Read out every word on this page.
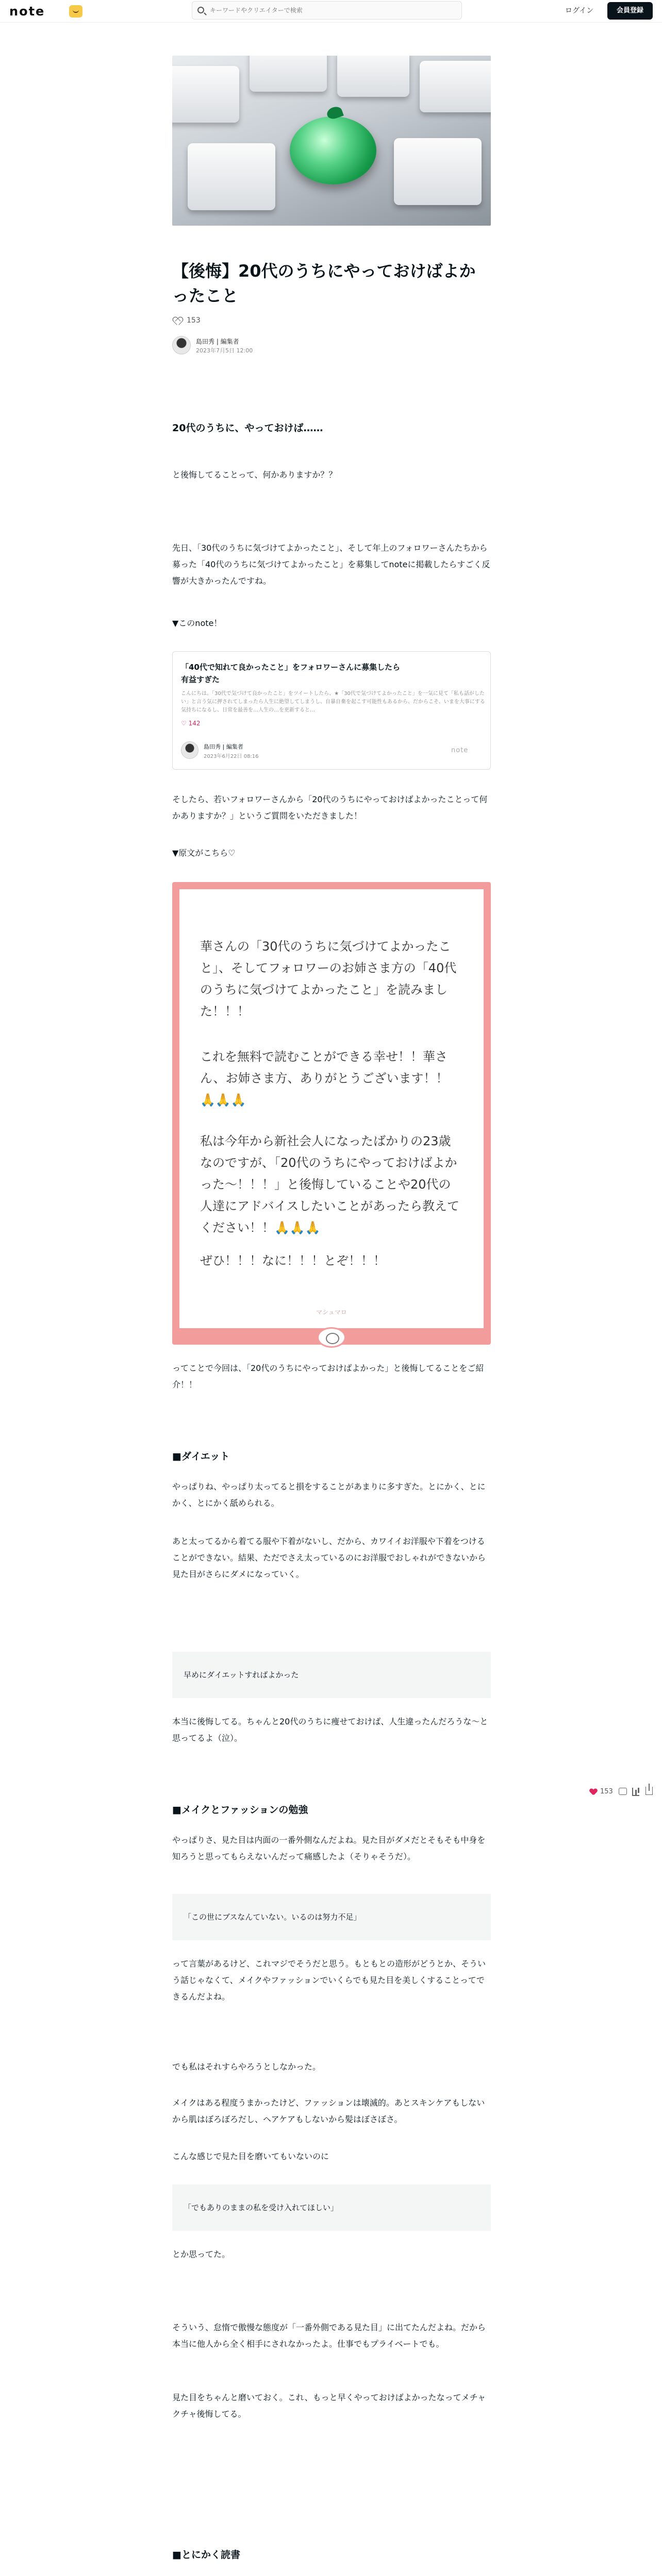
note
キーワードやクリエイターで検索	ログイン	会員登録
【後悔】20代のうちにやっておけばよかったこと
153
島田秀 | 編集者
2023年7月5日 12:00
20代のうちに、やっておけば……
と後悔してることって、何かありますか？？
先日、「30代のうちに気づけてよかったこと」、そして年上のフォロワーさんたちから募った「40代のうちに気づけてよかったこと」を募集してnoteに掲載したらすごく反響が大きかったんですね。
▼このnote！
「40代で知れて良かったこと」をフォロワーさんに募集したら有益すぎた
こんにちは。「30代で気づけて良かったこと」をツイートしたら、★「30代で気づけてよかったこと」を一気に見て「私も話がしたい」と言う気に押されてしまったら人生に絶望してしまうし、自暴自棄を起こす可能性もあるから、だからこそ、いまを大事にする気持ちになるし、日常を最善を…人生の…を更新すると…
♡ 142
島田秀 | 編集者
2023年6月22日 08:16
note
そしたら、若いフォロワーさんから「20代のうちにやっておけばよかったことって何かありますか？」というご質問をいただきました！
▼原文がこちら♡
華さんの「30代のうちに気づけてよかったこと」、そしてフォロワーのお姉さま方の「40代のうちに気づけてよかったこと」を読みました！！！
これを無料で読むことができる幸せ！！華さん、お姉さま方、ありがとうございます！！🙏🙏🙏
私は今年から新社会人になったばかりの23歳なのですが、「20代のうちにやっておけばよかった〜！！！」と後悔していることや20代の人達にアドバイスしたいことがあったら教えてください！！🙏🙏🙏
ぜひ！！！なに！！！とぞ！！！
マシュマロ
ってことで今回は、「20代のうちにやっておけばよかった」と後悔してることをご紹介！！
■ダイエット
やっぱりね、やっぱり太ってると損をすることがあまりに多すぎた。とにかく、とにかく、とにかく舐められる。
あと太ってるから着てる服や下着がないし、だから、カワイイお洋服や下着をつけることができない。結果、ただでさえ太っているのにお洋服でおしゃれができないから見た目がさらにダメになっていく。
早めにダイエットすればよかった
本当に後悔してる。ちゃんと20代のうちに痩せておけば、人生違ったんだろうな〜と思ってるよ（泣）。
■メイクとファッションの勉強
やっぱりさ、見た目は内面の一番外側なんだよね。見た目がダメだとそもそも中身を知ろうと思ってもらえないんだって痛感したよ（そりゃそうだ）。
「この世にブスなんていない。いるのは努力不足」
って言葉があるけど、これマジでそうだと思う。もともとの造形がどうとか、そういう話じゃなくて、メイクやファッションでいくらでも見た目を美しくすることってできるんだよね。
でも私はそれすらやろうとしなかった。
メイクはある程度うまかったけど、ファッションは壊滅的。あとスキンケアもしないから肌はぼろぼろだし、ヘアケアもしないから髪はぼさぼさ。
こんな感じで見た目を磨いてもいないのに
「でもありのままの私を受け入れてほしい」
とか思ってた。
そういう、怠惰で傲慢な態度が「一番外側である見た目」に出てたんだよね。だから本当に他人から全く相手にされなかったよ。仕事でもプライベートでも。
見た目をちゃんと磨いておく。これ、もっと早くやっておけばよかったなってメチャクチャ後悔してる。
■とにかく読書
153
